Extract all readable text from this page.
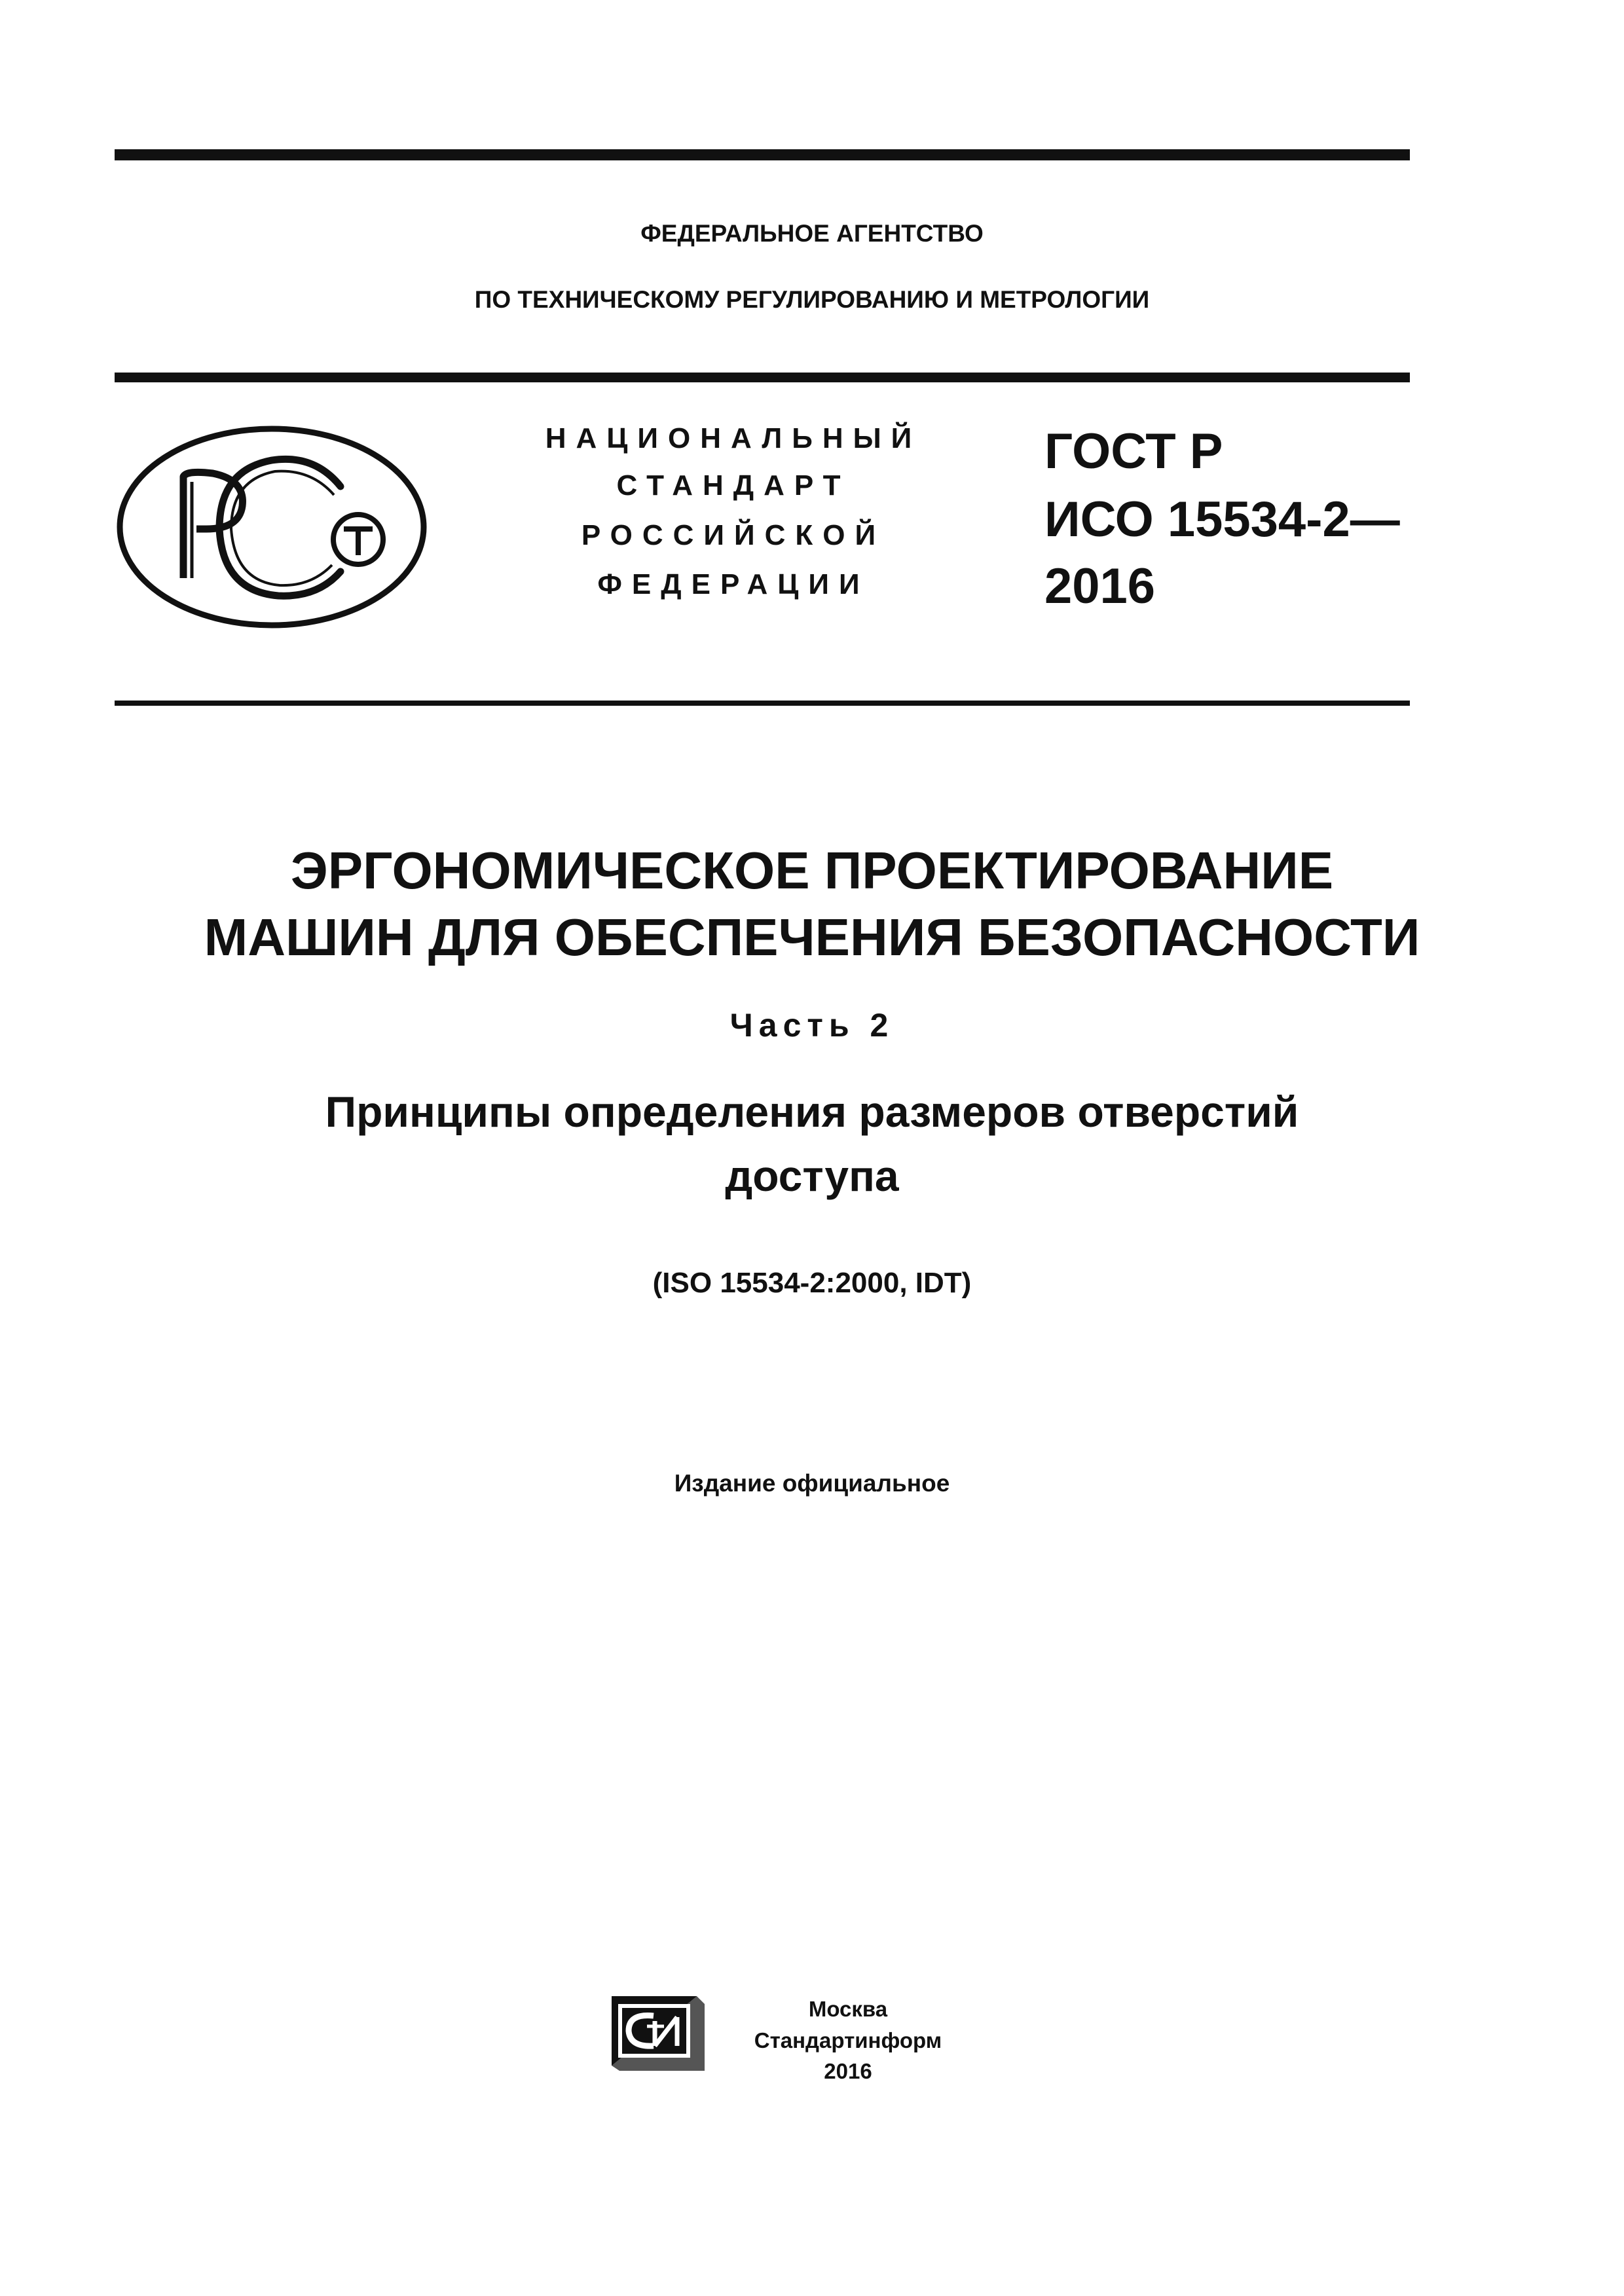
ФЕДЕРАЛЬНОЕ АГЕНТСТВО
ПО ТЕХНИЧЕСКОМУ РЕГУЛИРОВАНИЮ И МЕТРОЛОГИИ
РСТ	НАЦИОНАЛЬНЫЙ
СТАНДАРТ
РОССИЙСКОЙ
ФЕДЕРАЦИИ
ГОСТ Р
ИСО 15534-2—
2016
ЭРГОНОМИЧЕСКОЕ ПРОЕКТИРОВАНИЕ
МАШИН ДЛЯ ОБЕСПЕЧЕНИЯ БЕЗОПАСНОСТИ
Часть 2
Принципы определения размеров отверстий
доступа
(ISO 15534-2:2000, IDT)
Издание официальное
СИ
Москва
Стандартинформ
2016
